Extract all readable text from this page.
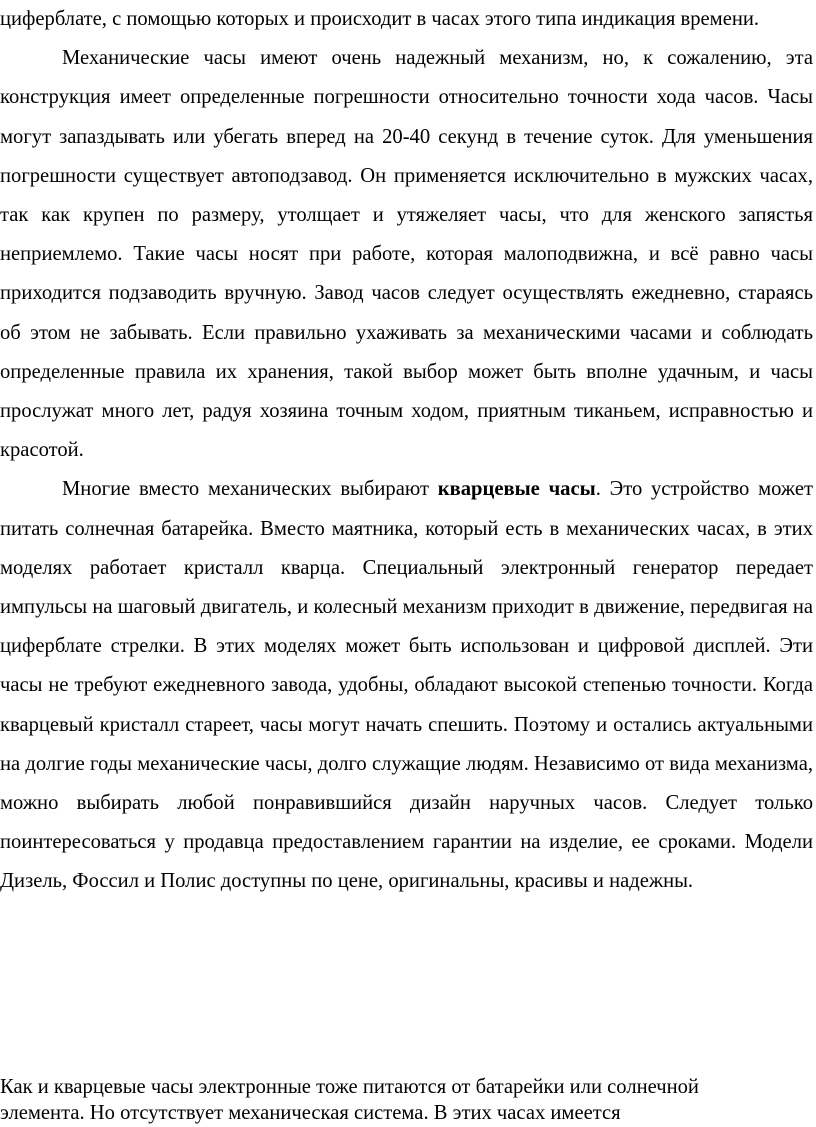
циферблате, с помощью которых и происходит в часах этого типа индикация времени.

Механические часы имеют очень надежный механизм, но, к сожалению, эта конструкция имеет определенные погрешности относительно точности хода часов. Часы могут запаздывать или убегать вперед на 20-40 секунд в течение суток. Для уменьшения погрешности существует автоподзавод. Он применяется исключительно в мужских часах, так как крупен по размеру, утолщает и утяжеляет часы, что для женского запястья неприемлемо. Такие часы носят при работе, которая малоподвижна, и всё равно часы приходится подзаводить вручную. Завод часов следует осуществлять ежедневно, стараясь об этом не забывать. Если правильно ухаживать за механическими часами и соблюдать определенные правила их хранения, такой выбор может быть вполне удачным, и часы прослужат много лет, радуя хозяина точным ходом, приятным тиканьем, исправностью и красотой.

Многие вместо механических выбирают кварцевые часы. Это устройство может питать солнечная батарейка. Вместо маятника, который есть в механических часах, в этих моделях работает кристалл кварца. Специальный электронный генератор передает импульсы на шаговый двигатель, и колесный механизм приходит в движение, передвигая на циферблате стрелки. В этих моделях может быть использован и цифровой дисплей. Эти часы не требуют ежедневного завода, удобны, обладают высокой степенью точности. Когда кварцевый кристалл стареет, часы могут начать спешить. Поэтому и остались актуальными на долгие годы механические часы, долго служащие людям. Независимо от вида механизма, можно выбирать любой понравившийся дизайн наручных часов. Следует только поинтересоваться у продавца предоставлением гарантии на изделие, ее сроками. Модели Дизель, Фоссил и Полис доступны по цене, оригинальны, красивы и надежны.

Как и кварцевые часы электронные тоже питаются от батарейки или солнечной

элемента. Но отсутствует механическая система. В этих часах имеется
